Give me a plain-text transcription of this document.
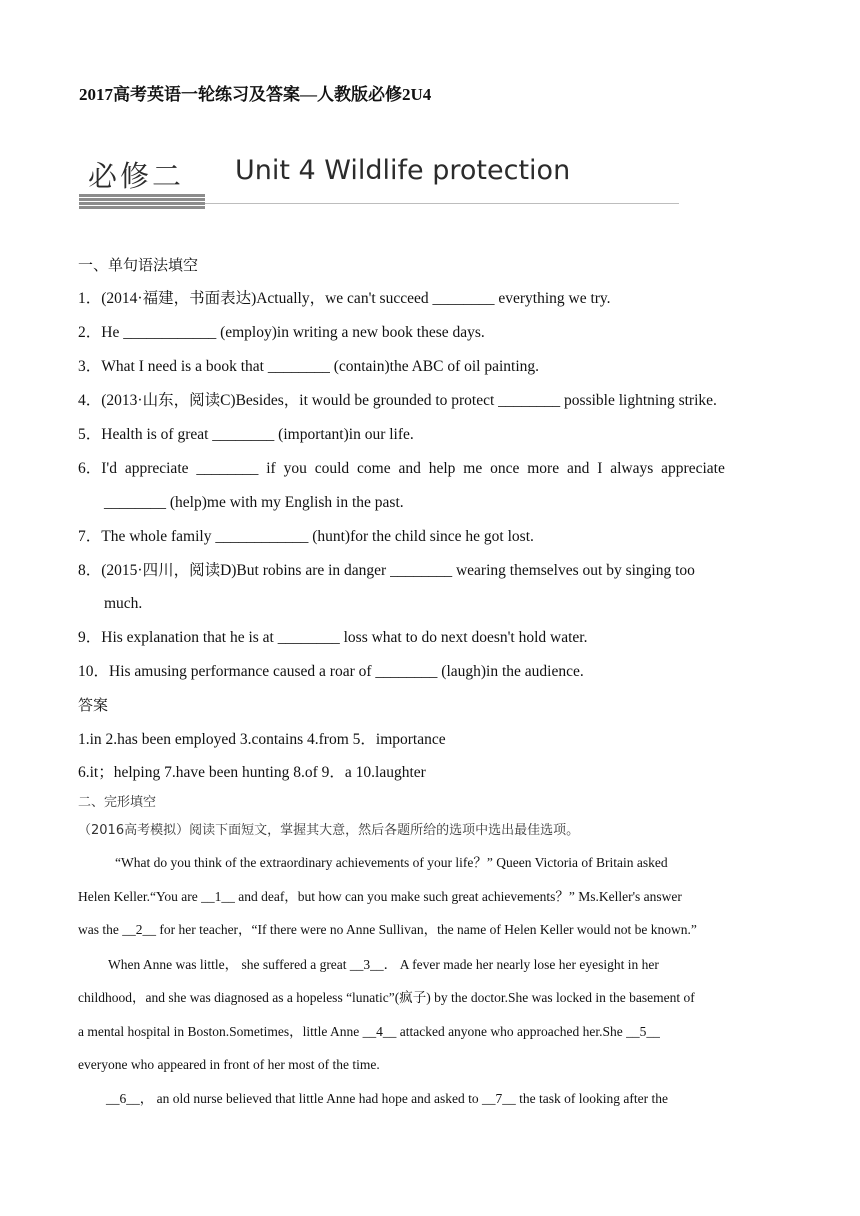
2017高考英语一轮练习及答案—人教版必修2U4
必修二 Unit 4 Wildlife protection
一、单句语法填空
1．(2014·福建，书面表达)Actually，we can't succeed ________ everything we try.
2．He ____________ (employ)in writing a new book these days.
3．What I need is a book that ________ (contain)the ABC of oil painting.
4．(2013·山东，阅读C)Besides，it would be grounded to protect ________ possible lightning strike.
5．Health is of great ________ (important)in our life.
6．I'd appreciate ________ if you could come and help me once more and I always appreciate
________ (help)me with my English in the past.
7．The whole family ____________ (hunt)for the child since he got lost.
8．(2015·四川，阅读D)But robins are in danger ________ wearing themselves out by singing too
much.
9．His explanation that he is at ________ loss what to do next doesn't hold water.
10．His amusing performance caused a roar of ________ (laugh)in the audience.
答案
1.in 2.has been employed 3.contains 4.from 5．importance
6.it；helping 7.have been hunting 8.of 9．a 10.laughter
二、完形填空
（2016高考模拟）阅读下面短文，掌握其大意，然后各题所给的选项中选出最佳选项。
“What do you think of the extraordinary achievements of your life？” Queen Victoria of Britain asked
Helen Keller.“You are __1__ and deaf，but how can you make such great achievements？” Ms.Keller's answer
was the __2__ for her teacher，“If there were no Anne Sullivan，the name of Helen Keller would not be known.”
When Anne was little， she suffered a great __3__． A fever made her nearly lose her eyesight in her
childhood，and she was diagnosed as a hopeless “lunatic”(疯子) by the doctor.She was locked in the basement of
a mental hospital in Boston.Sometimes，little Anne __4__ attacked anyone who approached her.She __5__
everyone who appeared in front of her most of the time.
__6__， an old nurse believed that little Anne had hope and asked to __7__ the task of looking after the
